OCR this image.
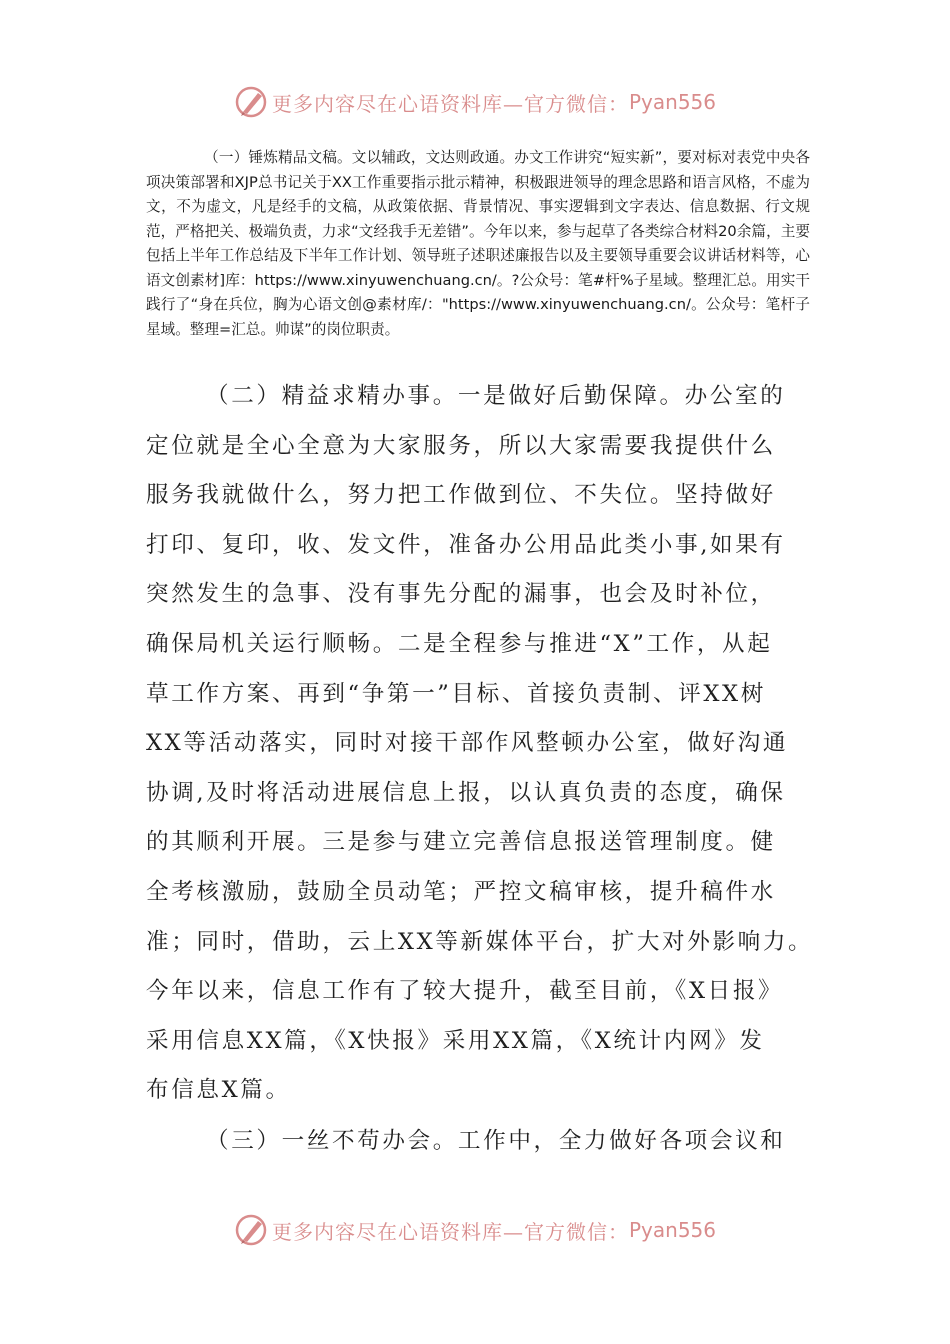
更多内容尽在心语资料库—官方微信： Pyan556

（一）锤炼精品文稿。文以辅政，文达则政通。办文工作讲究“短实新”，要对标对表党中央各项决策部署和XJP总书记关于XX工作重要指示批示精神，积极跟进领导的理念思路和语言风格，不虚为文，不为虚文，凡是经手的文稿，从政策依据、背景情况、事实逻辑到文字表达、信息数据、行文规范，严格把关、极端负责，力求“文经我手无差错”。今年以来，参与起草了各类综合材料20余篇，主要包括上半年工作总结及下半年工作计划、领导班子述职述廉报告以及主要领导重要会议讲话材料等，心语文创素材]库：https://www.xinyuwenchuang.cn/。?公众号：笔#杆%子星域。整理汇总。用实干践行了“身在兵位，胸为心语文创@素材库/："https://www.xinyuwenchuang.cn/。公众号：笔杆子星域。整理=汇总。帅谋”的岗位职责。

（二）精益求精办事。一是做好后勤保障。办公室的
定位就是全心全意为大家服务，所以大家需要我提供什么
服务我就做什么，努力把工作做到位、不失位。坚持做好
打印、复印，收、发文件，准备办公用品此类小事,如果有
突然发生的急事、没有事先分配的漏事，也会及时补位，
确保局机关运行顺畅。二是全程参与推进“X”工作，从起
草工作方案、再到“争第一”目标、首接负责制、评XX树
XX等活动落实，同时对接干部作风整顿办公室，做好沟通
协调,及时将活动进展信息上报，以认真负责的态度，确保
的其顺利开展。三是参与建立完善信息报送管理制度。健
全考核激励，鼓励全员动笔；严控文稿审核，提升稿件水
准；同时，借助，云上XX等新媒体平台，扩大对外影响力。
今年以来，信息工作有了较大提升，截至目前，《X日报》
采用信息XX篇，《X快报》采用XX篇，《X统计内网》发
布信息X篇。
（三）一丝不苟办会。工作中，全力做好各项会议和
更多内容尽在心语资料库—官方微信： Pyan556
